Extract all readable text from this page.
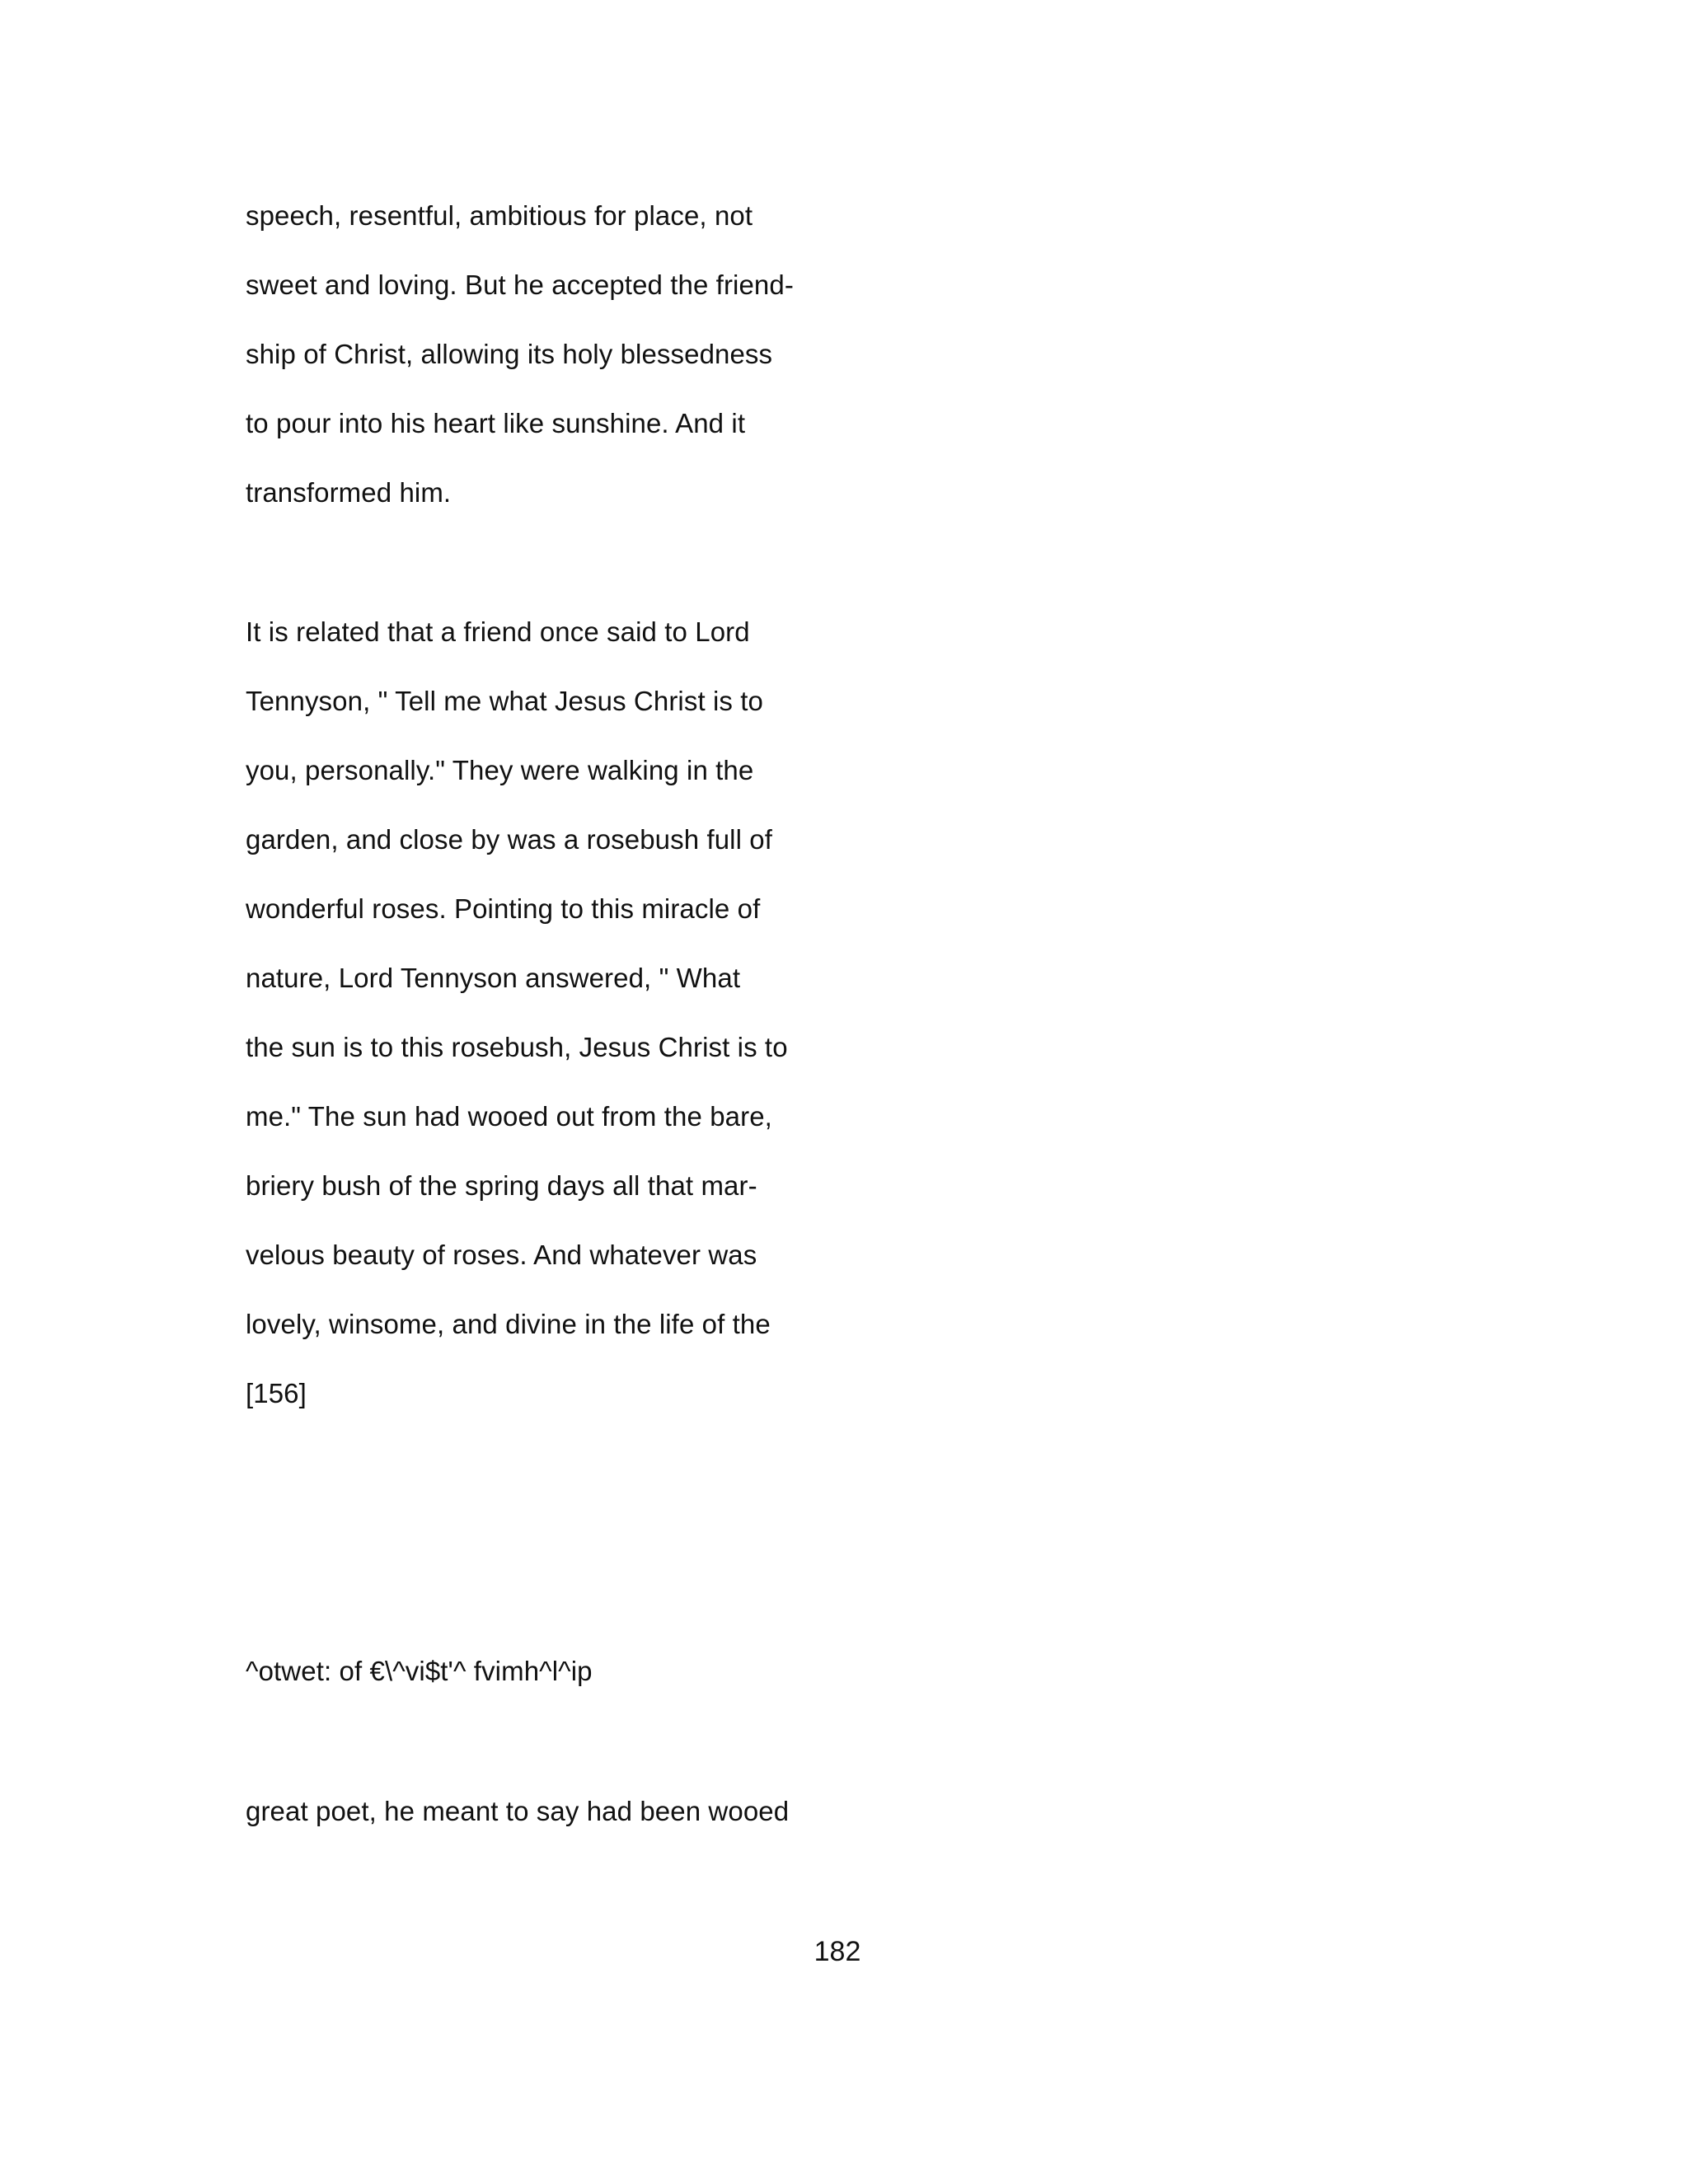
speech, resentful, ambitious for place, not
sweet and loving. But he accepted the friend-
ship of Christ, allowing its holy blessedness
to pour into his heart like sunshine. And it
transformed him.
It is related that a friend once said to Lord
Tennyson, " Tell me what Jesus Christ is to
you, personally." They were walking in the
garden, and close by was a rosebush full of
wonderful roses. Pointing to this miracle of
nature, Lord Tennyson answered, " What
the sun is to this rosebush, Jesus Christ is to
me." The sun had wooed out from the bare,
briery bush of the spring days all that mar-
velous beauty of roses. And whatever was
lovely, winsome, and divine in the life of the
[156]
^otwet: of €\^vi$t'^ fvimh^l^ip
great poet, he meant to say had been wooed
182
